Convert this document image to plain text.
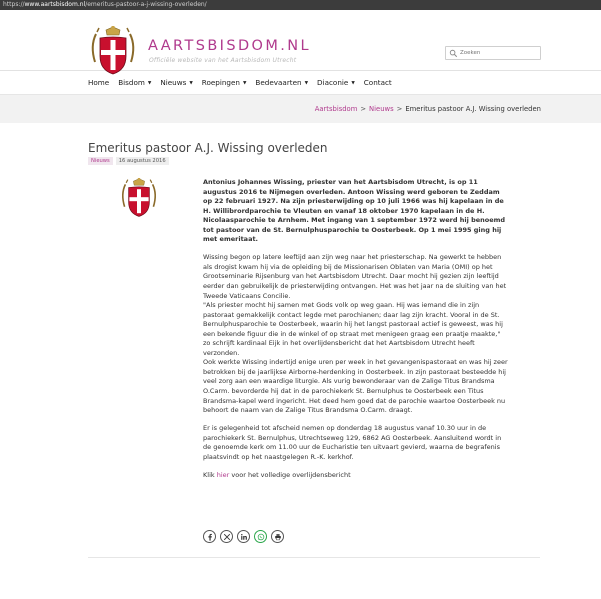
https://www.aartsbisdom.nl/emeritus-pastoor-a-j-wissing-overleden/
AARTSBISDOM.NL
Officiële website van het Aartsbisdom Utrecht
Zoeken
Home Bisdom ▼ Nieuws ▼ Roepingen ▼ Bedevaarten ▼ Diaconie ▼ Contact
Aartsbisdom > Nieuws > Emeritus pastoor A.J. Wissing overleden
Emeritus pastoor A.J. Wissing overleden
Nieuws	16 augustus 2016

Antonius Johannes Wissing, priester van het Aartsbisdom Utrecht, is op 11 augustus 2016 te Nijmegen overleden. Antoon Wissing werd geboren te Zeddam op 22 februari 1927. Na zijn priesterwijding op 10 juli 1966 was hij kapelaan in de H. Willibrordparochie te Vleuten en vanaf 18 oktober 1970 kapelaan in de H. Nicolaasparochie te Arnhem. Met ingang van 1 september 1972 werd hij benoemd tot pastoor van de St. Bernulphusparochie te Oosterbeek. Op 1 mei 1995 ging hij met emeritaat.

Wissing begon op latere leeftijd aan zijn weg naar het priesterschap. Na gewerkt te hebben als drogist kwam hij via de opleiding bij de Missionarisen Oblaten van Maria (OMI) op het Grootseminarie Rijsenburg van het Aartsbisdom Utrecht. Daar mocht hij gezien zijn leeftijd eerder dan gebruikelijk de priesterwijding ontvangen. Het was het jaar na de sluiting van het Tweede Vaticaans Concilie.
"Als priester mocht hij samen met Gods volk op weg gaan. Hij was iemand die in zijn pastoraat gemakkelijk contact legde met parochianen; daar lag zijn kracht. Vooral in de St. Bernulphusparochie te Oosterbeek, waarin hij het langst pastoraal actief is geweest, was hij een bekende figuur die in de winkel of op straat met menigeen graag een praatje maakte," zo schrijft kardinaal Eijk in het overlijdensbericht dat het Aartsbisdom Utrecht heeft verzonden.
Ook werkte Wissing indertijd enige uren per week in het gevangenispastoraat en was hij zeer betrokken bij de jaarlijkse Airborne-herdenking in Oosterbeek. In zijn pastoraat besteedde hij veel zorg aan een waardige liturgie. Als vurig bewonderaar van de Zalige Titus Brandsma O.Carm. bevorderde hij dat in de parochiekerk St. Bernulphus te Oosterbeek een Titus Brandsma-kapel werd ingericht. Het deed hem goed dat de parochie waartoe Oosterbeek nu behoort de naam van de Zalige Titus Brandsma O.Carm. draagt.

Er is gelegenheid tot afscheid nemen op donderdag 18 augustus vanaf 10.30 uur in de parochiekerk St. Bernulphus, Utrechtseweg 129, 6862 AG Oosterbeek. Aansluitend wordt in de genoemde kerk om 11.00 uur de Eucharistie ten uitvaart gevierd, waarna de begrafenis plaatsvindt op het naastgelegen R.-K. kerkhof.

Klik hier voor het volledige overlijdensbericht
